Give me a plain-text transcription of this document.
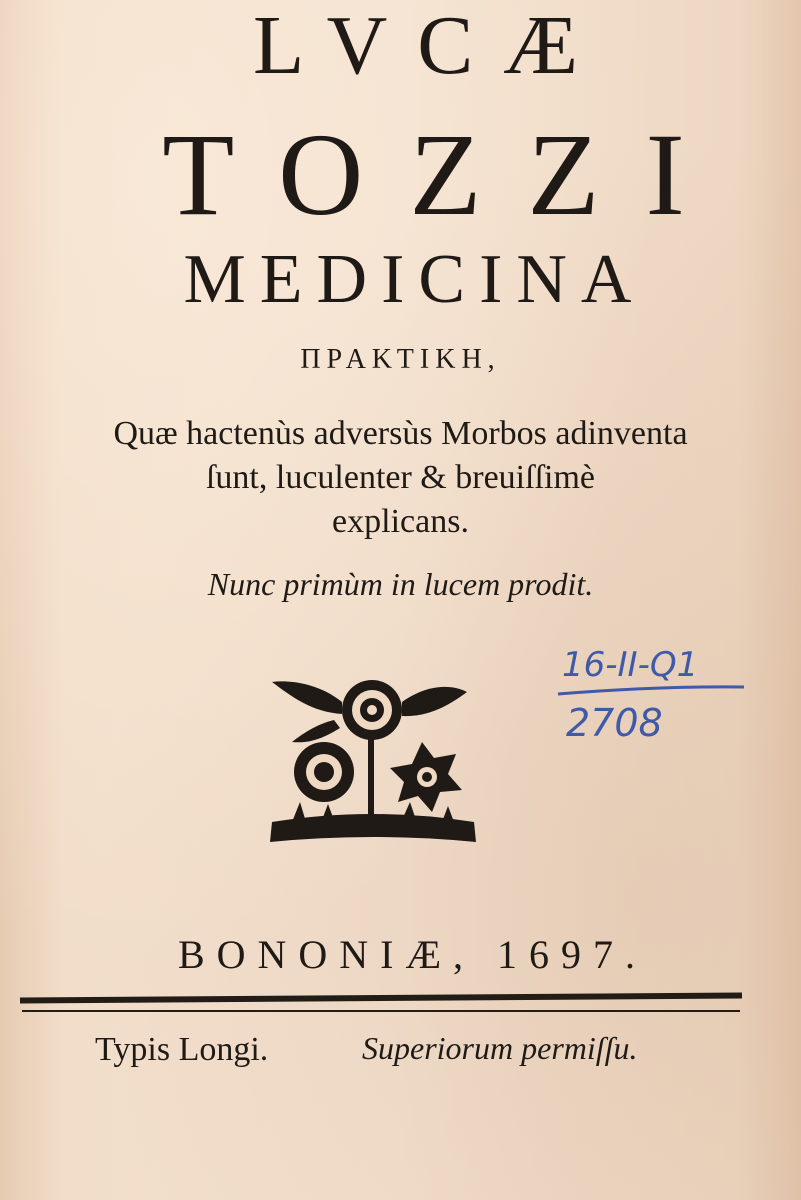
LVCÆ
TOZZI
MEDICINA
ΠΡΑΚΤΙΚΗ,
Quæ hactenùs adversùs Morbos adinventa
ſunt, luculenter & breuiſſimè
explicans.
Nunc primùm in lucem prodit.
16-II-Q1
2708
BONONIÆ, 1697.
Typis Longi.	Superiorum permiſſu.
